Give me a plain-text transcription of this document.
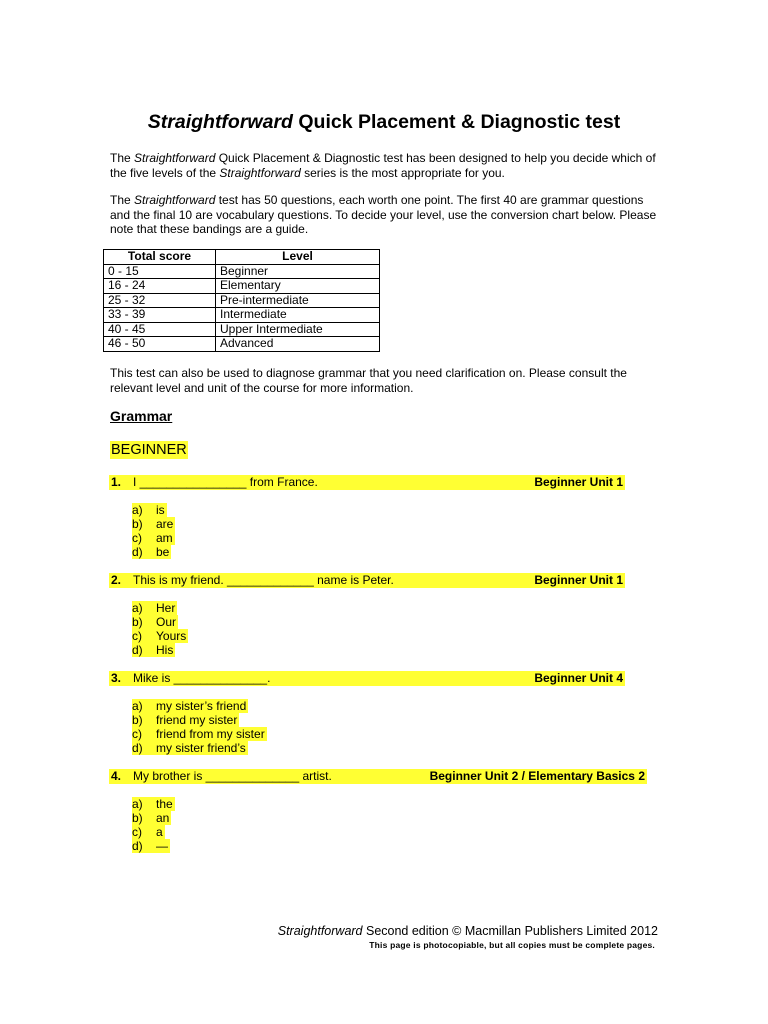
Straightforward Quick Placement & Diagnostic test
The Straightforward Quick Placement & Diagnostic test has been designed to help you decide which of the five levels of the Straightforward series is the most appropriate for you.
The Straightforward test has 50 questions, each worth one point. The first 40 are grammar questions and the final 10 are vocabulary questions. To decide your level, use the conversion chart below. Please note that these bandings are a guide.
Total score	Level
0 - 15	Beginner
16 - 24	Elementary
25 - 32	Pre-intermediate
33 - 39	Intermediate
40 - 45	Upper Intermediate
46 - 50	Advanced
This test can also be used to diagnose grammar that you need clarification on. Please consult the relevant level and unit of the course for more information.
Grammar
BEGINNER
1. I ________________ from France.	Beginner Unit 1
a) is
b) are
c) am
d) be
2. This is my friend. _____________ name is Peter.	Beginner Unit 1
a) Her
b) Our
c) Yours
d) His
3. Mike is ______________.	Beginner Unit 4
a) my sister’s friend
b) friend my sister
c) friend from my sister
d) my sister friend’s
4. My brother is ______________ artist.	Beginner Unit 2 / Elementary Basics 2
a) the
b) an
c) a
d) —
Straightforward Second edition © Macmillan Publishers Limited 2012
This page is photocopiable, but all copies must be complete pages.
